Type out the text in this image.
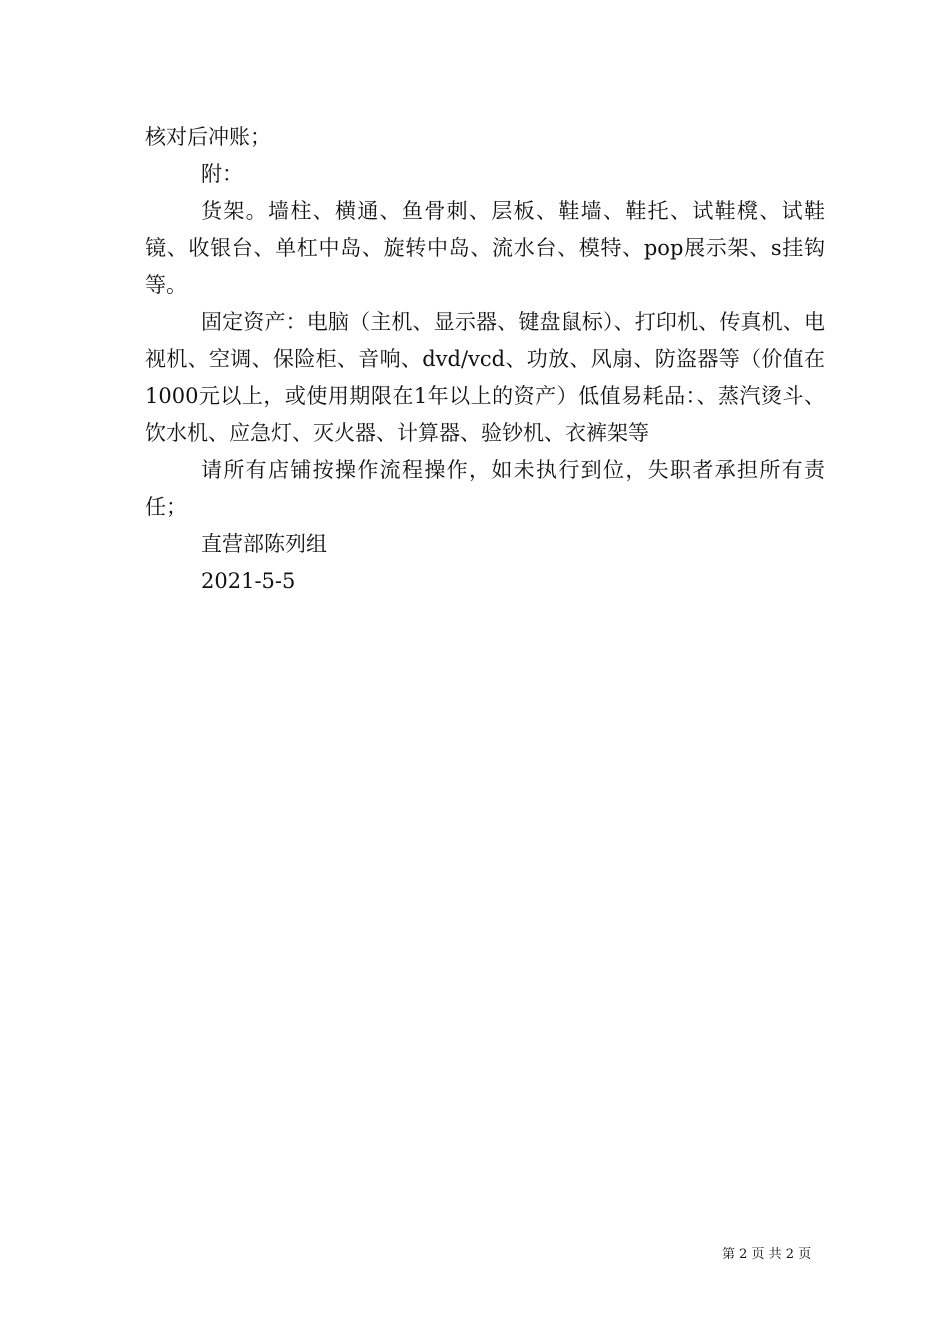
核对后冲账；

附：

货架。墙柱、横通、鱼骨刺、层板、鞋墙、鞋托、试鞋櫈、试鞋镜、收银台、单杠中岛、旋转中岛、流水台、模特、pop展示架、s挂钩等。

固定资产：电脑（主机、显示器、键盘鼠标）、打印机、传真机、电视机、空调、保险柜、音响、dvd/vcd、功放、风扇、防盗器等（价值在1000元以上，或使用期限在1年以上的资产）低值易耗品：、蒸汽烫斗、饮水机、应急灯、灭火器、计算器、验钞机、衣裤架等

请所有店铺按操作流程操作，如未执行到位，失职者承担所有责任；

直营部陈列组

2021-5-5

第 2 页 共 2 页
